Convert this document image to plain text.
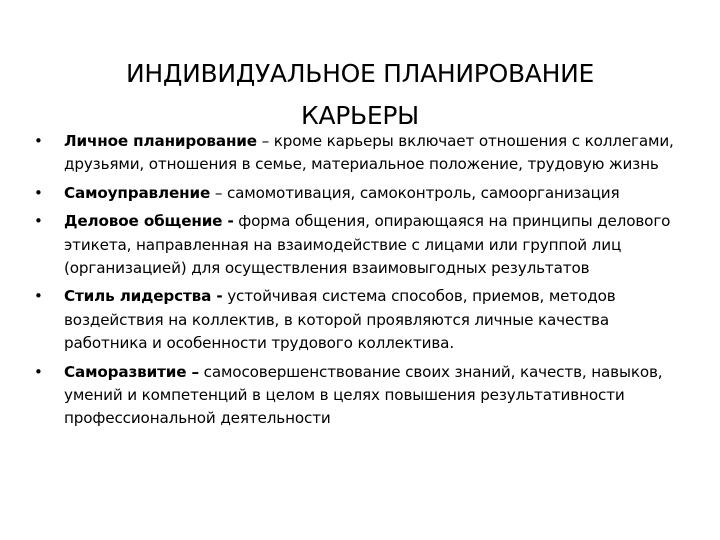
ИНДИВИДУАЛЬНОЕ ПЛАНИРОВАНИЕ
КАРЬЕРЫ
• Личное планирование – кроме карьеры включает отношения с коллегами, друзьями, отношения в семье, материальное положение, трудовую жизнь
• Самоуправление – самомотивация, самоконтроль, самоорганизация
• Деловое общение - форма общения, опирающаяся на принципы делового этикета, направленная на взаимодействие с лицами или группой лиц (организацией) для осуществления взаимовыгодных результатов
• Стиль лидерства - устойчивая система способов, приемов, методов воздействия на коллектив, в которой проявляются личные качества работника и особенности трудового коллектива.
• Саморазвитие – самосовершенствование своих знаний, качеств, навыков, умений и компетенций в целом в целях повышения результативности профессиональной деятельности
